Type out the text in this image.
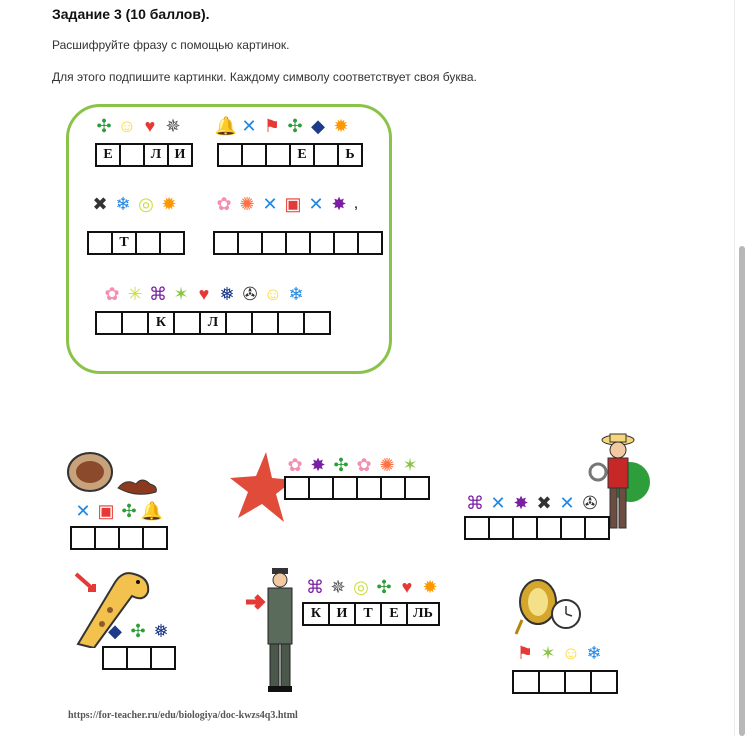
Задание 3 (10 баллов).
Расшифруйте фразу с помощью картинок.
Для этого подпишите картинки. Каждому символу соответствует своя буква.
✣ ☺ ♥ ✵
Е	Л И
🔔 ✕ ⚑ ✣ ◆ ✹
Е	Ь
✖ ❄ ◎ ✹
Т
✿ ✺ ✕ ▣ ✕ ✸ ,
✿ ✳ ⌘ ✶ ♥ ❅ ✇ ☺ ❄
К	Л
✕ ▣ ✣ 🔔
✿ ✸ ✣ ✿ ✺ ✶
⌘ ✕ ✸ ✖ ✕ ✇
◆ ✣ ❅
⌘ ✵ ◎ ✣ ♥ ✹
К	И	Т	Е	ЛЬ
⚑ ✶ ☺ ❄
https://for-teacher.ru/edu/biologiya/doc-kwzs4q3.html
